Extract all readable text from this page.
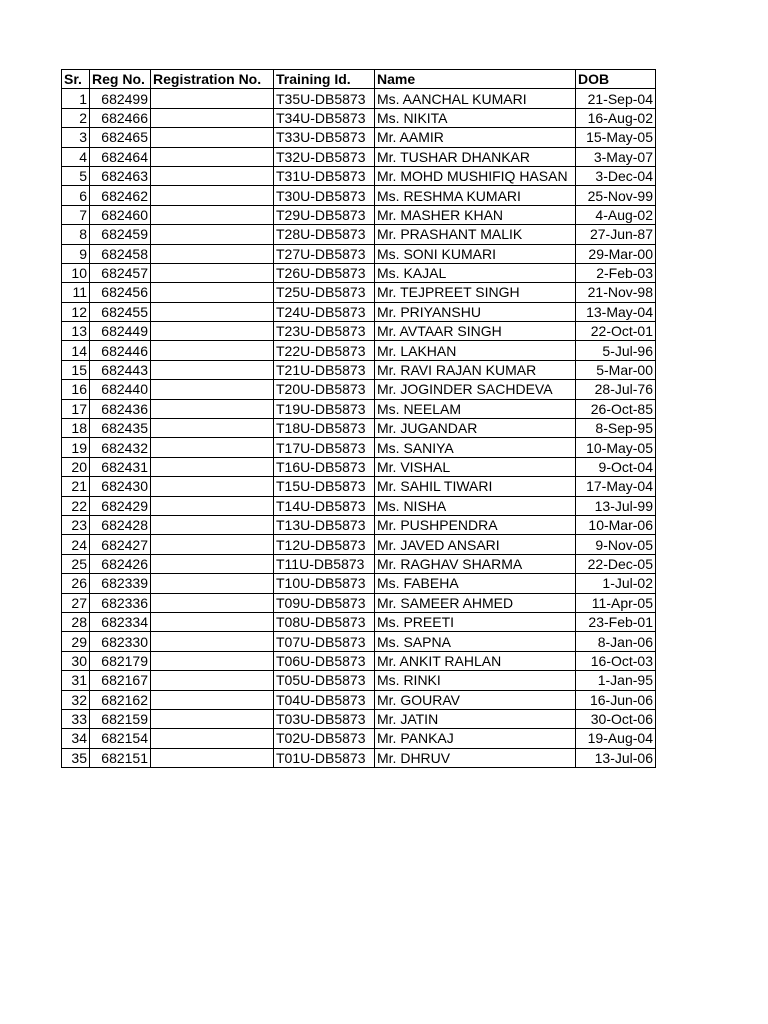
Sr.	Reg No.	Registration No.	Training Id.	Name	DOB
1	682499		T35U-DB5873	Ms. AANCHAL KUMARI	21-Sep-04
2	682466		T34U-DB5873	Ms. NIKITA	16-Aug-02
3	682465		T33U-DB5873	Mr. AAMIR	15-May-05
4	682464		T32U-DB5873	Mr. TUSHAR DHANKAR	3-May-07
5	682463		T31U-DB5873	Mr. MOHD MUSHIFIQ HASAN	3-Dec-04
6	682462		T30U-DB5873	Ms. RESHMA KUMARI	25-Nov-99
7	682460		T29U-DB5873	Mr. MASHER KHAN	4-Aug-02
8	682459		T28U-DB5873	Mr. PRASHANT MALIK	27-Jun-87
9	682458		T27U-DB5873	Ms. SONI KUMARI	29-Mar-00
10	682457		T26U-DB5873	Ms. KAJAL	2-Feb-03
11	682456		T25U-DB5873	Mr. TEJPREET SINGH	21-Nov-98
12	682455		T24U-DB5873	Mr. PRIYANSHU	13-May-04
13	682449		T23U-DB5873	Mr. AVTAAR SINGH	22-Oct-01
14	682446		T22U-DB5873	Mr. LAKHAN	5-Jul-96
15	682443		T21U-DB5873	Mr. RAVI RAJAN KUMAR	5-Mar-00
16	682440		T20U-DB5873	Mr. JOGINDER SACHDEVA	28-Jul-76
17	682436		T19U-DB5873	Ms. NEELAM	26-Oct-85
18	682435		T18U-DB5873	Mr. JUGANDAR	8-Sep-95
19	682432		T17U-DB5873	Ms. SANIYA	10-May-05
20	682431		T16U-DB5873	Mr. VISHAL	9-Oct-04
21	682430		T15U-DB5873	Mr. SAHIL TIWARI	17-May-04
22	682429		T14U-DB5873	Ms. NISHA	13-Jul-99
23	682428		T13U-DB5873	Mr. PUSHPENDRA	10-Mar-06
24	682427		T12U-DB5873	Mr. JAVED ANSARI	9-Nov-05
25	682426		T11U-DB5873	Mr. RAGHAV SHARMA	22-Dec-05
26	682339		T10U-DB5873	Ms. FABEHA	1-Jul-02
27	682336		T09U-DB5873	Mr. SAMEER AHMED	11-Apr-05
28	682334		T08U-DB5873	Ms. PREETI	23-Feb-01
29	682330		T07U-DB5873	Ms. SAPNA	8-Jan-06
30	682179		T06U-DB5873	Mr. ANKIT RAHLAN	16-Oct-03
31	682167		T05U-DB5873	Ms. RINKI	1-Jan-95
32	682162		T04U-DB5873	Mr. GOURAV	16-Jun-06
33	682159		T03U-DB5873	Mr. JATIN	30-Oct-06
34	682154		T02U-DB5873	Mr. PANKAJ	19-Aug-04
35	682151		T01U-DB5873	Mr. DHRUV	13-Jul-06
